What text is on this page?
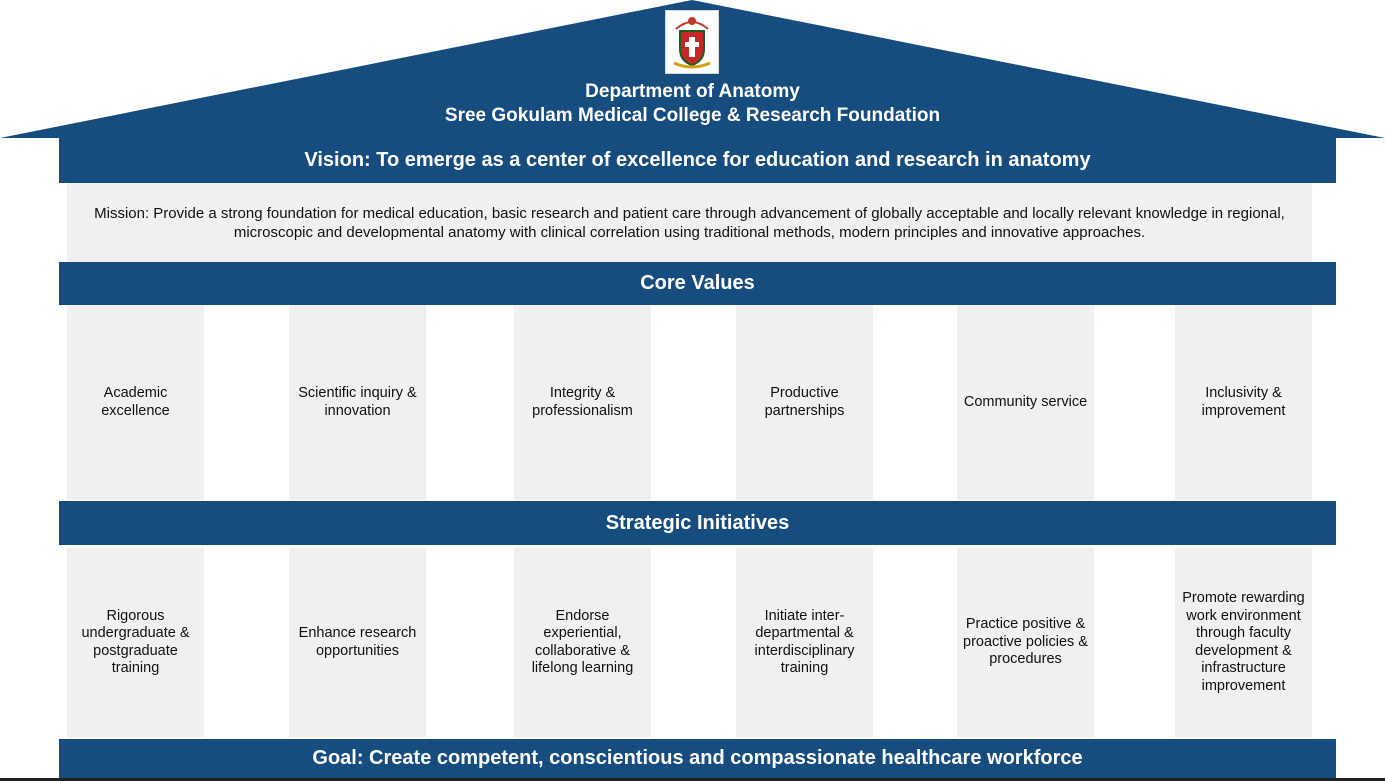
Department of Anatomy
Sree Gokulam Medical College & Research Foundation
Vision: To emerge as a center of excellence for education and research in anatomy
Mission: Provide a strong foundation for medical education, basic research and patient care through advancement of globally acceptable and locally relevant knowledge in regional, microscopic and developmental anatomy with clinical correlation using traditional methods, modern principles and innovative approaches.
Core Values
Academic excellence
Scientific inquiry & innovation
Integrity & professionalism
Productive partnerships
Community service
Inclusivity & improvement
Strategic Initiatives
Rigorous undergraduate & postgraduate training
Enhance research opportunities
Endorse experiential, collaborative & lifelong learning
Initiate inter-departmental & interdisciplinary training
Practice positive & proactive policies & procedures
Promote rewarding work environment through faculty development & infrastructure improvement
Goal: Create competent, conscientious and compassionate healthcare workforce
